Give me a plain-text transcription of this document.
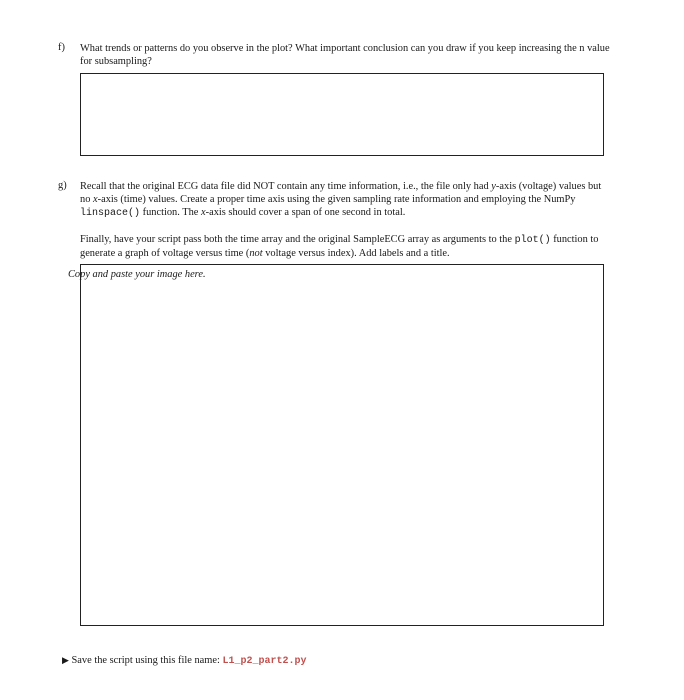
f) What trends or patterns do you observe in the plot? What important conclusion can you draw if you keep increasing the n value for subsampling?
g) Recall that the original ECG data file did NOT contain any time information, i.e., the file only had y-axis (voltage) values but no x-axis (time) values. Create a proper time axis using the given sampling rate information and employing the NumPy linspace() function. The x-axis should cover a span of one second in total.
Finally, have your script pass both the time array and the original SampleECG array as arguments to the plot() function to generate a graph of voltage versus time (not voltage versus index). Add labels and a title.
Copy and paste your image here.
▶ Save the script using this file name: L1_p2_part2.py
